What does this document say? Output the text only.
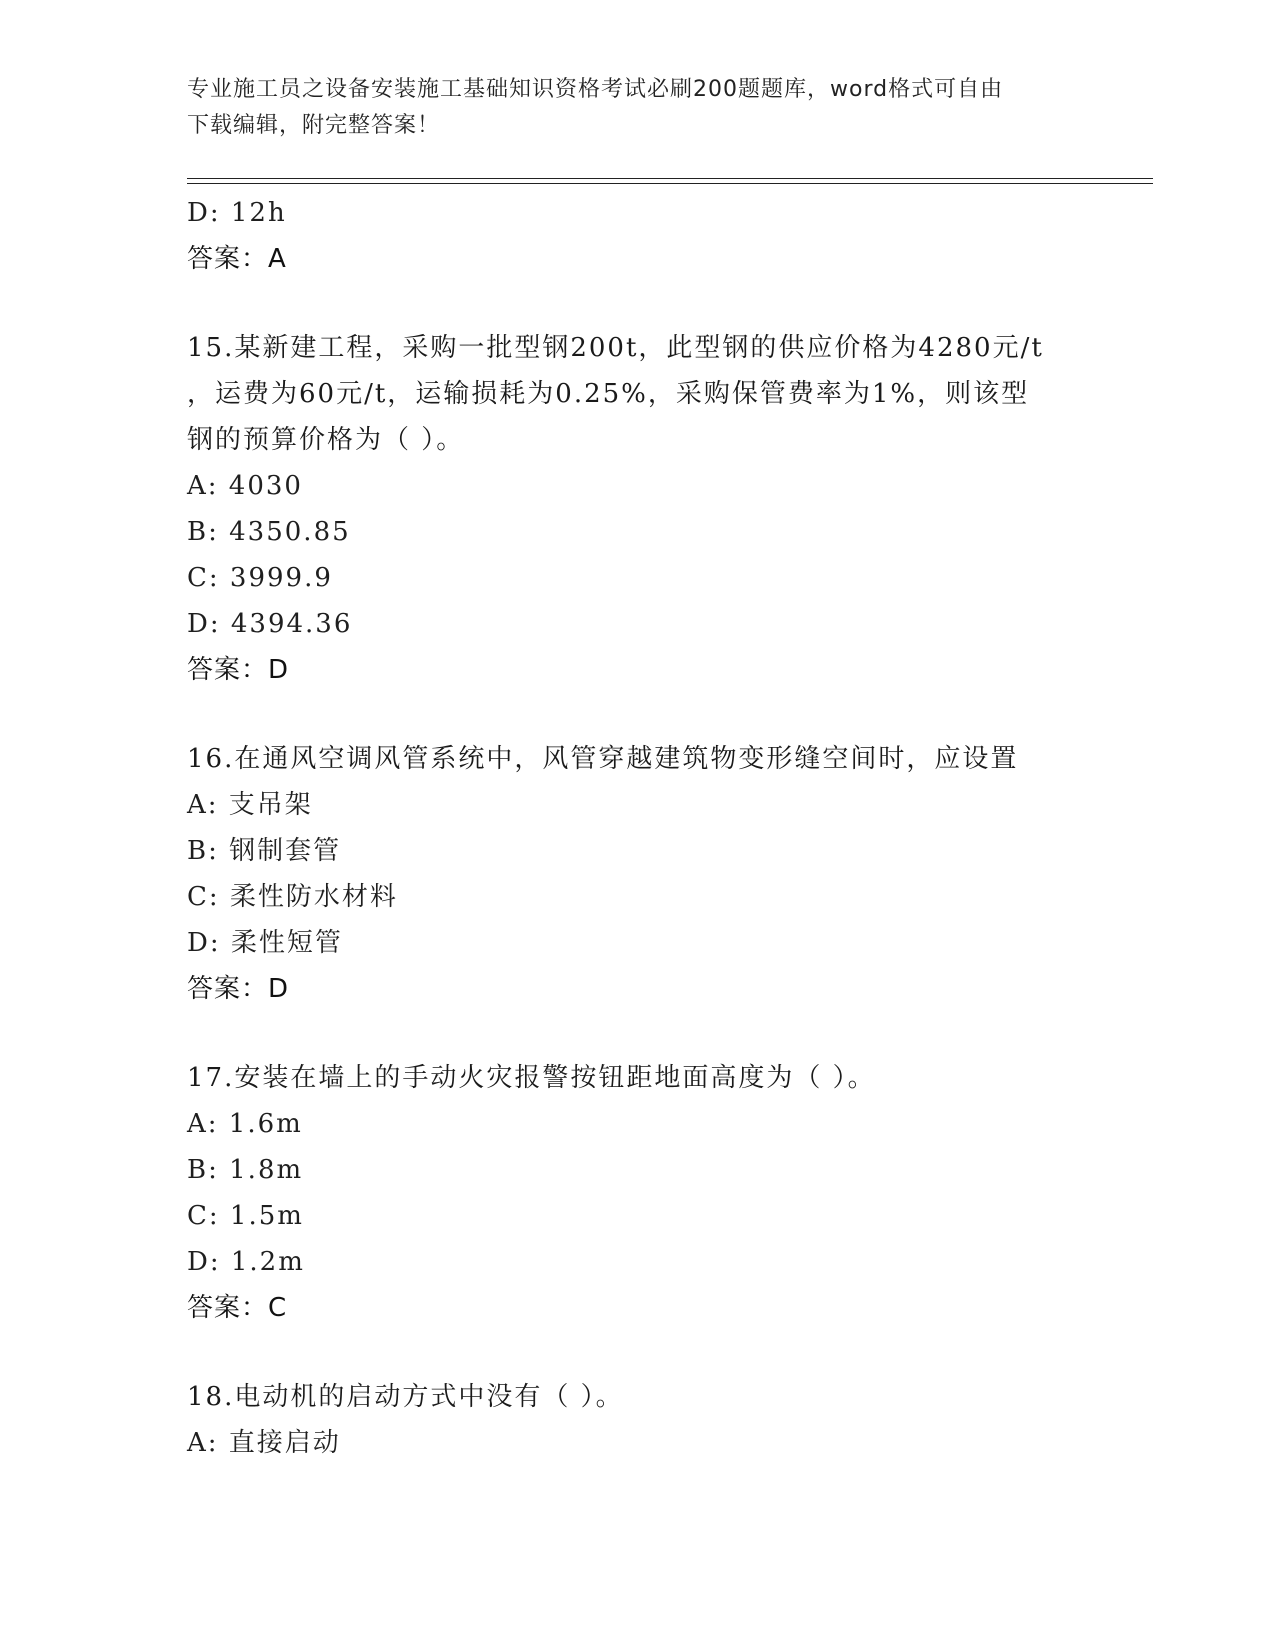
专业施工员之设备安装施工基础知识资格考试必刷200题题库，word格式可自由
下载编辑，附完整答案！
D: 12h
答案：A
15.某新建工程，采购一批型钢200t，此型钢的供应价格为4280元/t
，运费为60元/t，运输损耗为0.25%，采购保管费率为1%，则该型
钢的预算价格为（ ）。
A: 4030
B: 4350.85
C: 3999.9
D: 4394.36
答案：D
16.在通风空调风管系统中，风管穿越建筑物变形缝空间时，应设置
A: 支吊架
B: 钢制套管
C: 柔性防水材料
D: 柔性短管
答案：D
17.安装在墙上的手动火灾报警按钮距地面高度为（ ）。
A: 1.6m
B: 1.8m
C: 1.5m
D: 1.2m
答案：C
18.电动机的启动方式中没有（ ）。
A: 直接启动
